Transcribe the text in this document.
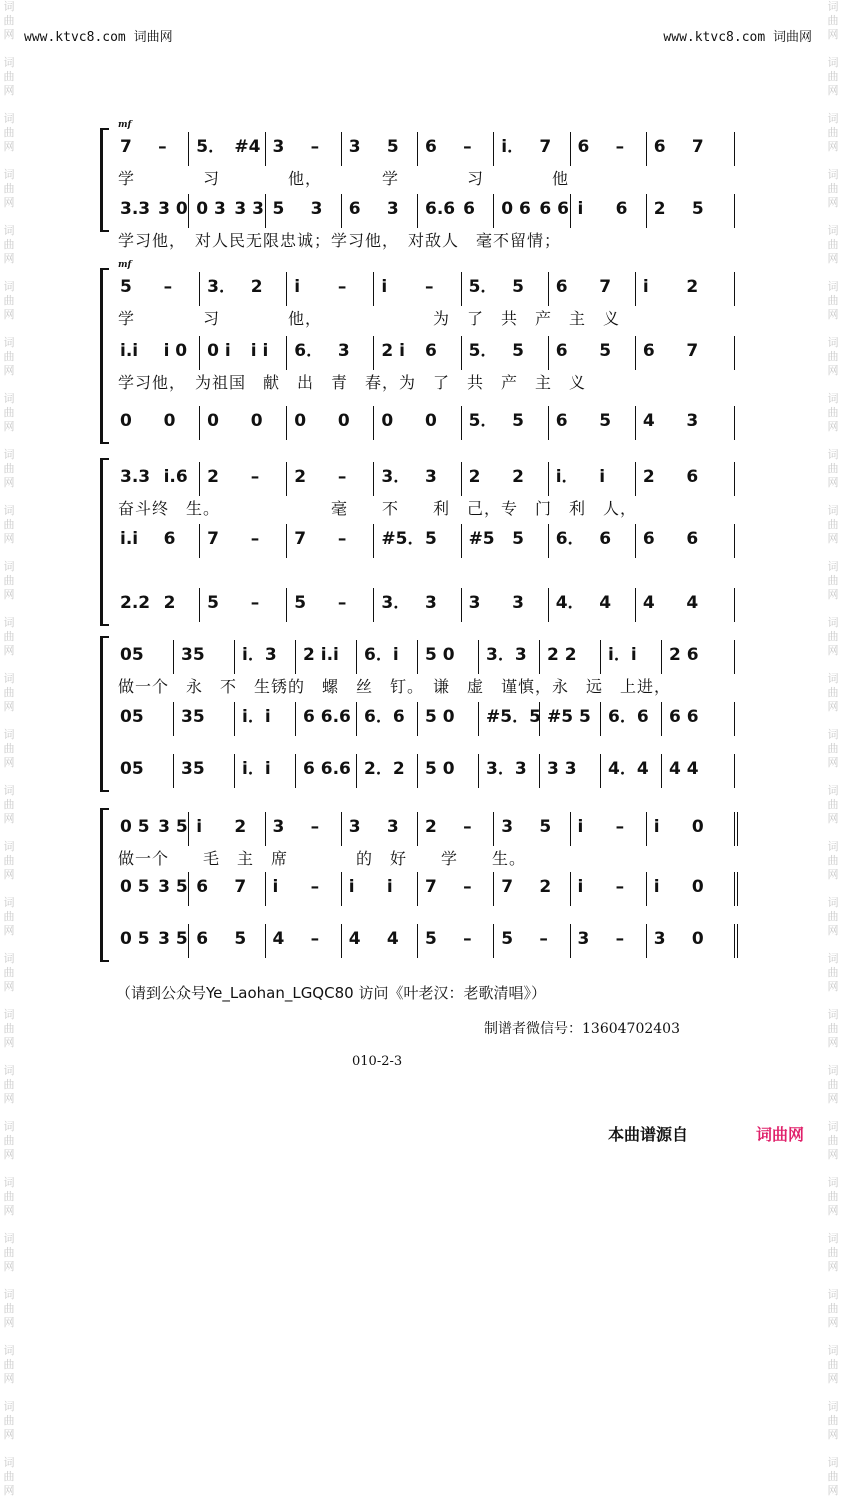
www.ktvc8.com 词曲网	www.ktvc8.com 词曲网
词
曲
网

词
曲
网

词
曲
网

词
曲
网

词
曲
网

词
曲
网

词
曲
网

词
曲
网

词
曲
网

词
曲
网

词
曲
网

词
曲
网

词
曲
网

词
曲
网

词
曲
网

词
曲
网

词
曲
网

词
曲
网

词
曲
网

词
曲
网

词
曲
网

词
曲
网

词
曲
网

词
曲
网

词
曲
网

词
曲
网

词
曲
网

词
曲
网

词
曲
网

词
曲
网

词
曲
网

词
曲
网

词
曲
网

词
曲
网

词
曲
网

词
曲
网

词
曲
网

词
曲
网

词
曲
网

词
曲
网

词
曲
网

词
曲
网

词
曲
网

词
曲
网

词
曲
网

词
曲
网

词
曲
网

词
曲
网

词
曲
网

词
曲
网

词
曲
网

词
曲
网

词
曲
网

词
曲
网

7 – 5． #4 3 – 3 5 6 – i． 7 6 – 6 7
mf
学　　　　习　　　　他，　　　　学　　　　习　　　　他
3.3 3 0 0 3 3 3 5 3 6 3 6.6 6 0 6 6 6 i 6 2 5
学习他，　对人民无限忠诚；学习他，　对敌人　毫不留情；
5 – 3． 2 i – i – 5． 5 6 7 i 2
mf
学　　　　习　　　　他，　　　　　　　为　了　共　产　主　义
i.i i 0 0 i i i 6． 3 2 i 6 5． 5 6 5 6 7
学习他，　为祖国　献　出　青　春，为　了　共　产　主　义
0 0 0 0 0 0 0 0 5． 5 6 5 4 3
3.3 i.6 2 – 2 – 3． 3 2 2 i． i 2 6
奋斗终　生。　　　　　　　毫　　不　　利　己，专　门　利　人，
i.i 6 7 – 7 – #5． 5 #5 5 6． 6 6 6
2.2 2 5 – 5 – 3． 3 3 3 4． 4 4 4
05 35 i．3 2 i.i 6．i 5 0 3．3 2 2 i．i 2 6
做一个　永　不　生锈的　螺　丝　钉。　谦　虚　谨慎，永　远　上进，
05 35 i．i 6 6.6 6．6 5 0 #5．5 #5 5 6．6 6 6
05 35 i．i 6 6.6 2．2 5 0 3．3 3 3 4．4 4 4
0 5 3 5 i 2 3 – 3 3 2 – 3 5 i – i 0
做一个　　毛　主　席　　　　的　好　　学　　生。
0 5 3 5 6 7 i – i i 7 – 7 2 i – i 0
0 5 3 5 6 5 4 – 4 4 5 – 5 – 3 – 3 0
（请到公众号Ye_Laohan_LGQC80 访问《叶老汉：老歌清唱》）
制谱者微信号：13604702403
010-2-3
本曲谱源自	词曲网
